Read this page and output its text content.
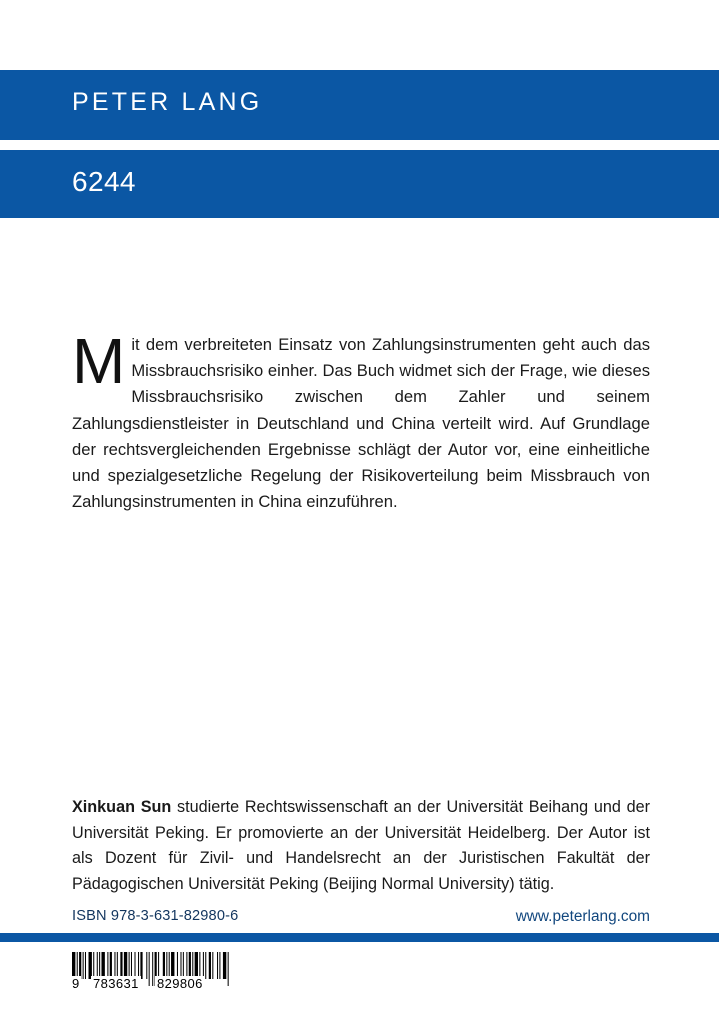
PETER LANG
6244
Mit dem verbreiteten Einsatz von Zahlungsinstrumenten geht auch das Missbrauchsrisiko einher. Das Buch widmet sich der Frage, wie dieses Missbrauchsrisiko zwischen dem Zahler und seinem Zahlungsdienstleister in Deutschland und China verteilt wird. Auf Grundlage der rechtsvergleichenden Ergebnisse schlägt der Autor vor, eine einheitliche und spezialgesetzliche Regelung der Risikoverteilung beim Missbrauch von Zahlungsinstrumenten in China einzuführen.
Xinkuan Sun studierte Rechtswissenschaft an der Universität Beihang und der Universität Peking. Er promovierte an der Universität Heidelberg. Der Autor ist als Dozent für Zivil- und Handelsrecht an der Juristischen Fakultät der Pädagogischen Universität Peking (Beijing Normal University) tätig.
ISBN 978-3-631-82980-6	www.peterlang.com
9 783631 829806
